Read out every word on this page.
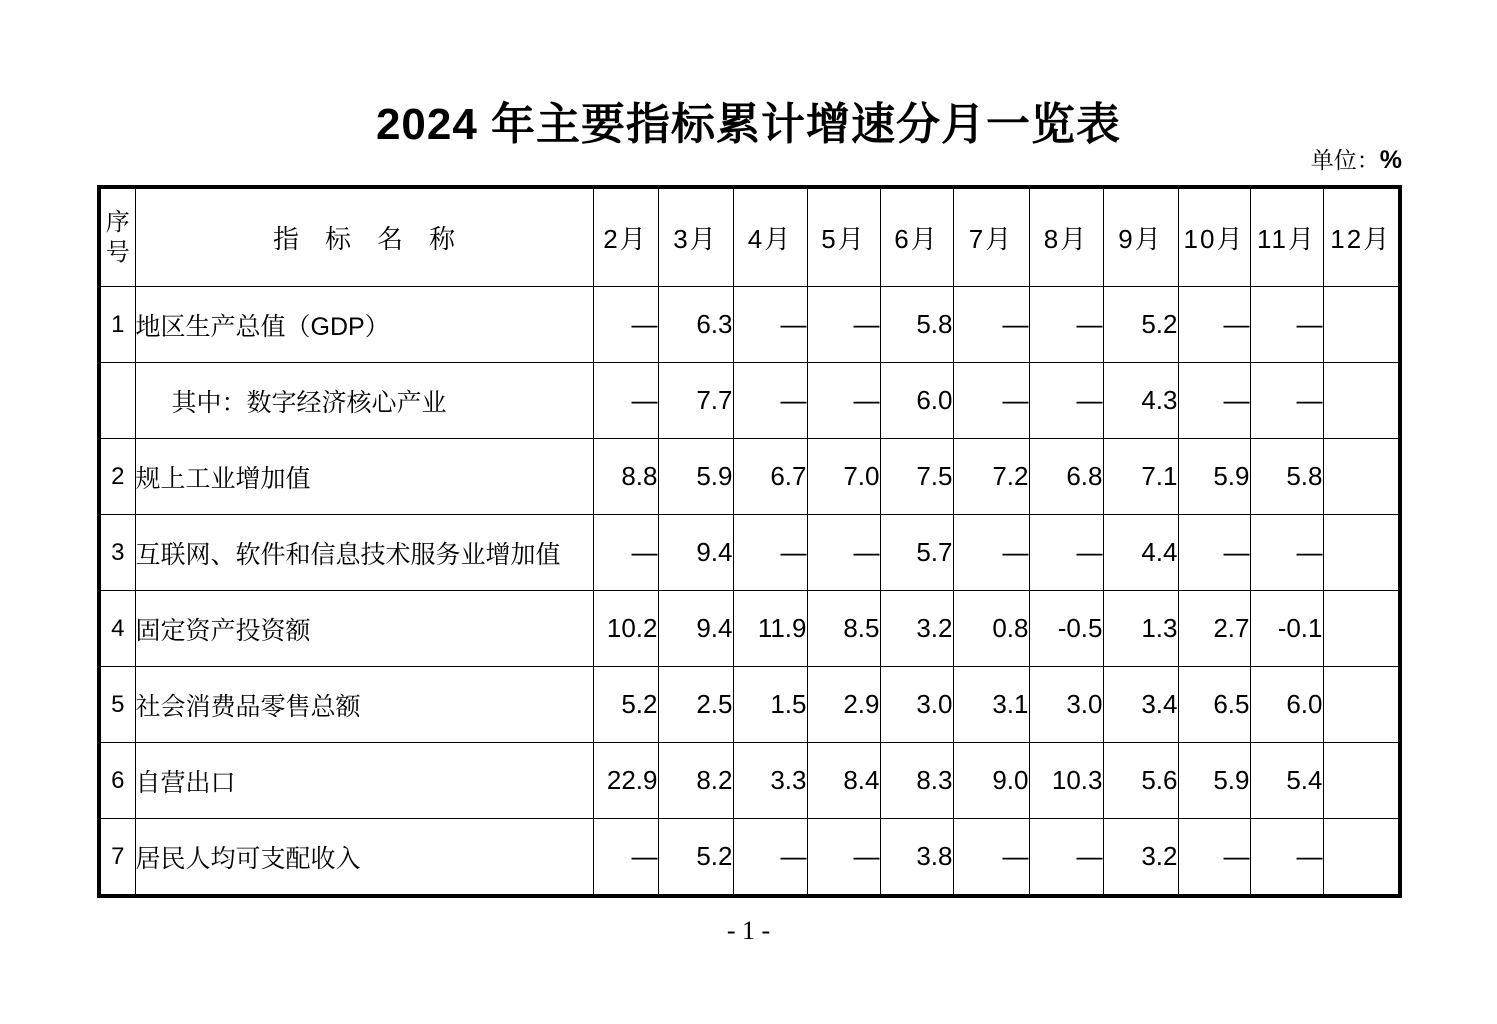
2024 年主要指标累计增速分月一览表
单位：%
序
号	指　标　名　称	2月	3月	4月	5月	6月	7月	8月	9月	10月	11月	12月
1	地区生产总值（GDP）	—	6.3	—	—	5.8	—	—	5.2	—	—	
	其中：数字经济核心产业	—	7.7	—	—	6.0	—	—	4.3	—	—	
2	规上工业增加值	8.8	5.9	6.7	7.0	7.5	7.2	6.8	7.1	5.9	5.8	
3	互联网、软件和信息技术服务业增加值	—	9.4	—	—	5.7	—	—	4.4	—	—	
4	固定资产投资额	10.2	9.4	11.9	8.5	3.2	0.8	-0.5	1.3	2.7	-0.1	
5	社会消费品零售总额	5.2	2.5	1.5	2.9	3.0	3.1	3.0	3.4	6.5	6.0	
6	自营出口	22.9	8.2	3.3	8.4	8.3	9.0	10.3	5.6	5.9	5.4	
7	居民人均可支配收入	—	5.2	—	—	3.8	—	—	3.2	—	—	
- 1 -
